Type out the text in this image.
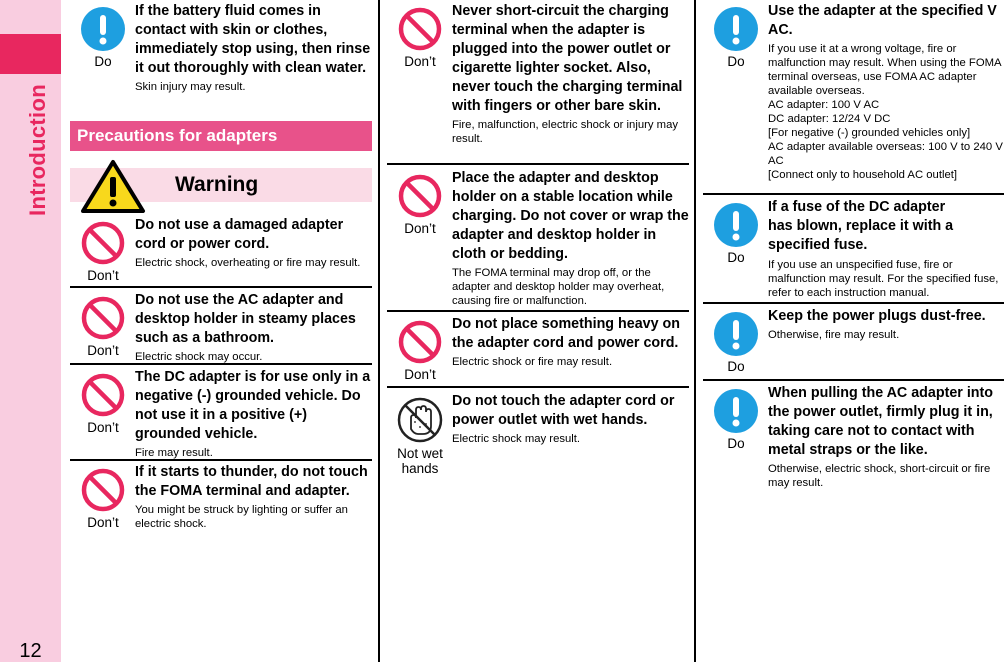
Introduction
12
Do

If the battery fluid comes in contact with skin or clothes, immediately stop using, then rinse it out thoroughly with clean water.

Skin injury may result.

Precautions for adapters
Warning
Don’t

Do not use a damaged adapter cord or power cord.

Electric shock, overheating or fire may result.

Don’t

Do not use the AC adapter and desktop holder in steamy places such as a bathroom.

Electric shock may occur.

Don’t

The DC adapter is for use only in a negative (-) grounded vehicle. Do not use it in a positive (+) grounded vehicle.

Fire may result.

Don’t

If it starts to thunder, do not touch the FOMA terminal and adapter.

You might be struck by lighting or suffer an electric shock.

Don’t

Never short-circuit the charging terminal when the adapter is plugged into the power outlet or cigarette lighter socket. Also, never touch the charging terminal with fingers or other bare skin.

Fire, malfunction, electric shock or injury may result.

Don’t

Place the adapter and desktop holder on a stable location while charging. Do not cover or wrap the adapter and desktop holder in cloth or bedding.

The FOMA terminal may drop off, or the adapter and desktop holder may overheat, causing fire or malfunction.

Don’t

Do not place something heavy on the adapter cord and power cord.

Electric shock or fire may result.

Not wet hands

Do not touch the adapter cord or power outlet with wet hands.

Electric shock may result.

Do

Use the adapter at the specified V AC.

If you use it at a wrong voltage, fire or malfunction may result. When using the FOMA terminal overseas, use FOMA AC adapter available overseas.
AC adapter: 100 V AC
DC adapter: 12/24 V DC
[For negative (-) grounded vehicles only]
AC adapter available overseas: 100 V to 240 V AC
[Connect only to household AC outlet]

Do

If a fuse of the DC adapter has blown, replace it with a specified fuse.

If you use an unspecified fuse, fire or malfunction may result. For the specified fuse, refer to each instruction manual.

Do

Keep the power plugs dust-free.

Otherwise, fire may result.

Do

When pulling the AC adapter into the power outlet, firmly plug it in, taking care not to contact with metal straps or the like.

Otherwise, electric shock, short-circuit or fire may result.
